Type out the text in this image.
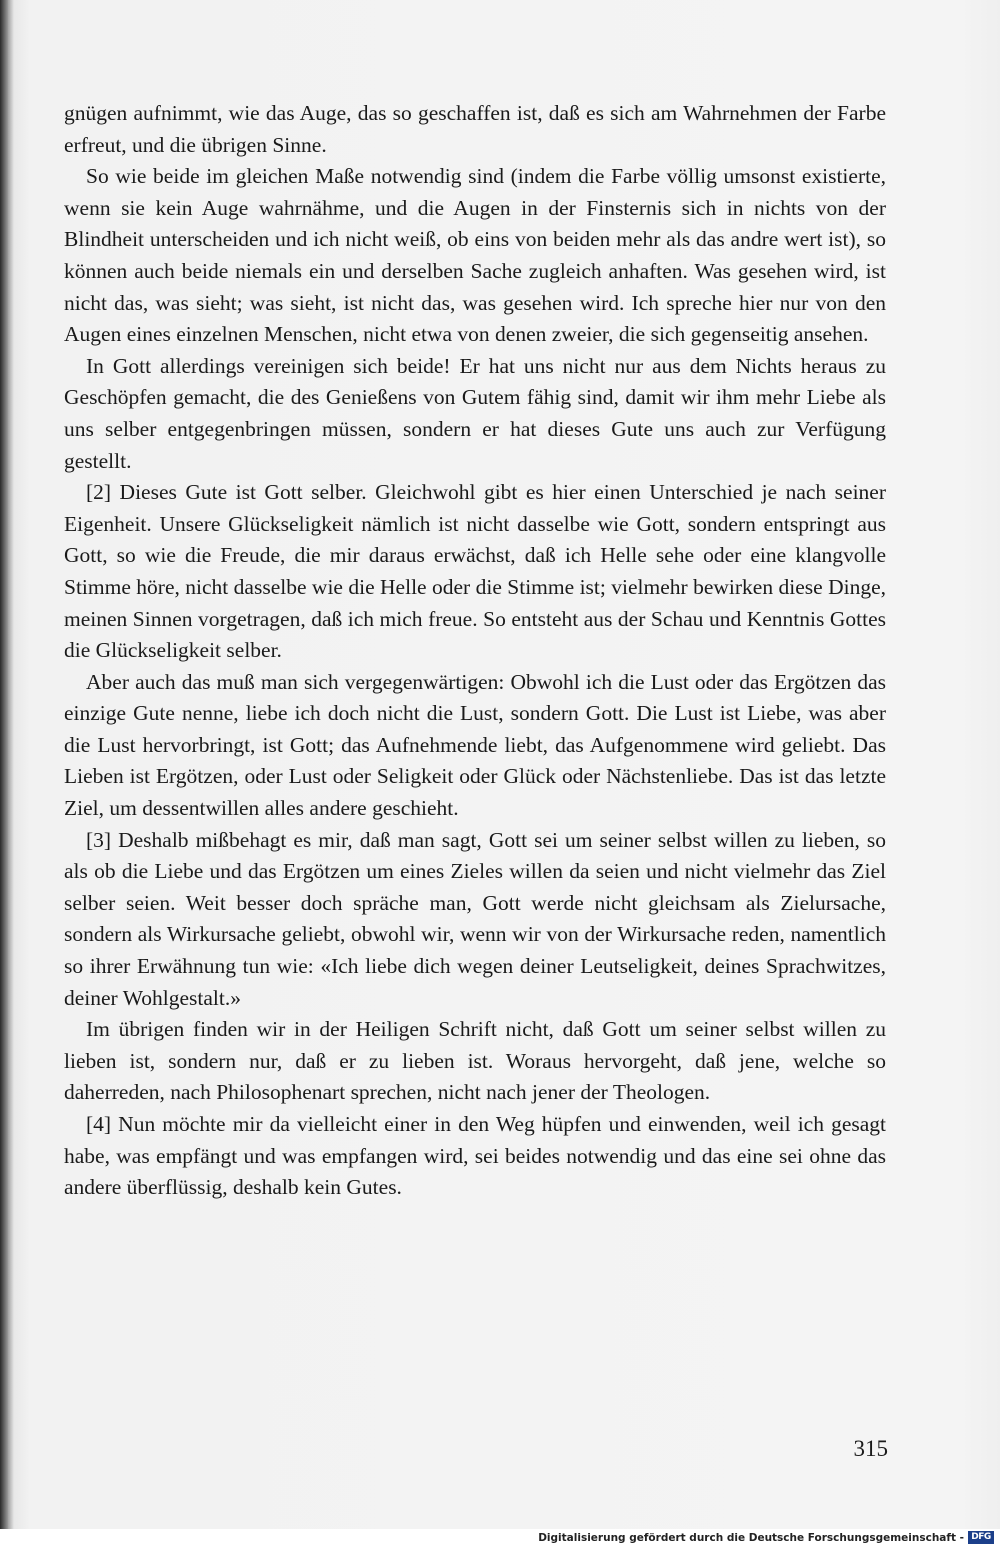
gnügen aufnimmt, wie das Auge, das so geschaffen ist, daß es sich am Wahrnehmen der Farbe erfreut, und die übrigen Sinne.

So wie beide im gleichen Maße notwendig sind (indem die Farbe völlig umsonst existierte, wenn sie kein Auge wahrnähme, und die Augen in der Finsternis sich in nichts von der Blindheit unterscheiden und ich nicht weiß, ob eins von beiden mehr als das andre wert ist), so können auch beide niemals ein und derselben Sache zugleich anhaften. Was gesehen wird, ist nicht das, was sieht; was sieht, ist nicht das, was gesehen wird. Ich spreche hier nur von den Augen eines einzelnen Menschen, nicht etwa von denen zweier, die sich gegenseitig ansehen.

In Gott allerdings vereinigen sich beide! Er hat uns nicht nur aus dem Nichts heraus zu Geschöpfen gemacht, die des Genießens von Gutem fähig sind, damit wir ihm mehr Liebe als uns selber entgegenbringen müssen, sondern er hat dieses Gute uns auch zur Verfügung gestellt.

[2] Dieses Gute ist Gott selber. Gleichwohl gibt es hier einen Unterschied je nach seiner Eigenheit. Unsere Glückseligkeit nämlich ist nicht dasselbe wie Gott, sondern entspringt aus Gott, so wie die Freude, die mir daraus erwächst, daß ich Helle sehe oder eine klangvolle Stimme höre, nicht dasselbe wie die Helle oder die Stimme ist; vielmehr bewirken diese Dinge, meinen Sinnen vorgetragen, daß ich mich freue. So entsteht aus der Schau und Kenntnis Gottes die Glückseligkeit selber.

Aber auch das muß man sich vergegenwärtigen: Obwohl ich die Lust oder das Ergötzen das einzige Gute nenne, liebe ich doch nicht die Lust, sondern Gott. Die Lust ist Liebe, was aber die Lust hervorbringt, ist Gott; das Aufnehmende liebt, das Aufgenommene wird geliebt. Das Lieben ist Ergötzen, oder Lust oder Seligkeit oder Glück oder Nächstenliebe. Das ist das letzte Ziel, um dessentwillen alles andere geschieht.

[3] Deshalb mißbehagt es mir, daß man sagt, Gott sei um seiner selbst willen zu lieben, so als ob die Liebe und das Ergötzen um eines Zieles willen da seien und nicht vielmehr das Ziel selber seien. Weit besser doch spräche man, Gott werde nicht gleichsam als Zielursache, sondern als Wirkursache geliebt, obwohl wir, wenn wir von der Wirkursache reden, namentlich so ihrer Erwähnung tun wie: «Ich liebe dich wegen deiner Leutseligkeit, deines Sprachwitzes, deiner Wohlgestalt.»

Im übrigen finden wir in der Heiligen Schrift nicht, daß Gott um seiner selbst willen zu lieben ist, sondern nur, daß er zu lieben ist. Woraus hervorgeht, daß jene, welche so daherreden, nach Philosophenart sprechen, nicht nach jener der Theologen.

[4] Nun möchte mir da vielleicht einer in den Weg hüpfen und einwenden, weil ich gesagt habe, was empfängt und was empfangen wird, sei beides notwendig und das eine sei ohne das andere überflüssig, deshalb kein Gutes.

315
Digitalisierung gefördert durch die Deutsche Forschungsgemeinschaft - DFG
